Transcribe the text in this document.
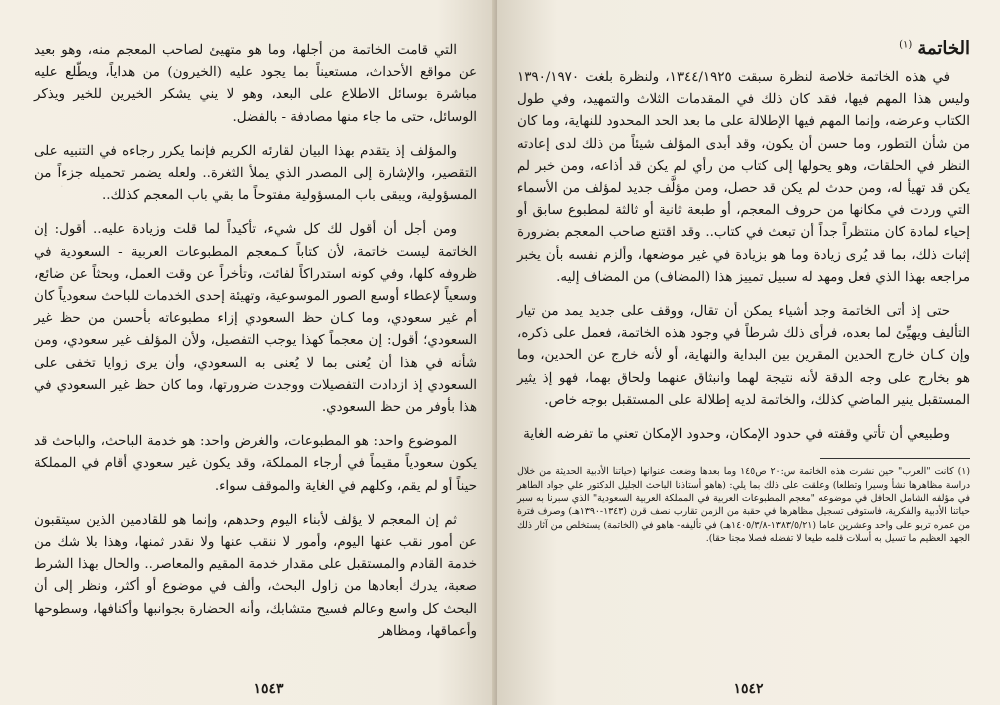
·

التي قامت الخاتمة من أجلها، وما هو متهيئ لصاحب المعجم منه، وهو بعيد عن مواقع الأحداث، مستعيناً بما يجود عليه (الخيرون) من هداياً، ويطّلع عليه مباشرة بوسائل الاطلاع على البعد، وهو لا يني يشكر الخيرين للخير ويذكر الوسائل، حتى ما جاء منها مصادفة - بالفضل.

والمؤلف إذ يتقدم بهذا البيان لقارئه الكريم فإنما يكرر رجاءه في التنبيه على التقصير، والإشارة إلى المصدر الذي يملأ الثغرة.. ولعله يضمر تحميله جزءاً من المسؤولية، ويبقى باب المسؤولية مفتوحاً ما بقي باب المعجم كذلك..

ومن أجل أن أقول لك كل شيء، تأكيداً لما قلت وزيادة عليه.. أقول: إن الخاتمة ليست خاتمة، لأن كتاباً كـمعجم المطبوعات العربية - السعودية في ظروفه كلها، وفي كونه استدراكاً لفائت، وتأخراً عن وقت العمل، وبحثاً عن ضائع، وسعياً لإعطاء أوسع الصور الموسوعية، وتهيئة إحدى الخدمات للباحث سعودياً كان أم غير سعودي، وما كـان حظ السعودي إزاء مطبوعاته بأحسن من حظ غير السعودي؛ أقول: إن معجماً كهذا يوجب التفصيل، ولأن المؤلف غير سعودي، ومن شأنه في هذا أن يُعنى بما لا يُعنى به السعودي، وأن يرى زوايا تخفى على السعودي إذ ازدادت التفصيلات ووجدت ضرورتها، وما كان حظ غير السعودي في هذا بأوفر من حظ السعودي.

الموضوع واحد: هو المطبوعات، والغرض واحد: هو خدمة الباحث، والباحث قد يكون سعودياً مقيماً في أرجاء المملكة، وقد يكون غير سعودي أقام في المملكة حيناً أو لم يقم، وكلهم في الغاية والموقف سواء.

ثم إن المعجم لا يؤلف لأبناء اليوم وحدهم، وإنما هو للقادمين الذين سيتقبون عن أمور نقب عنها اليوم، وأمور لا ننقب عنها ولا نقدر ثمنها، وهذا بلا شك من خدمة القادم والمستقبل على مقدار خدمة المقيم والمعاصر.. والحال بهذا الشرط صعبة، يدرك أبعادها من زاول البحث، وألف في موضوع أو أكثر، ونظر إلى أن البحث كل واسع وعالم فسيح متشابك، وأنه الحضارة بجوانبها وأكنافها، وسطوحها وأعماقها، ومظاهر

١٥٤٣
الخاتمة $^{(١)}$

في هذه الخاتمة خلاصة لنظرة سبقت ١٣٤٤/١٩٢٥، ولنظرة بلغت ١٣٩٠/١٩٧٠ وليس هذا المهم فيها، فقد كان ذلك في المقدمات الثلاث والتمهيد، وفي طول الكتاب وعرضه، وإنما المهم فيها الإطلالة على ما بعد الحد المحدود للنهاية، وما كان من شأن التطور، وما حسن أن يكون، وقد أبدى المؤلف شيئاً من ذلك لدى إعادته النظر في الحلقات، وهو يحولها إلى كتاب من رأي لم يكن قد أذاعه، ومن خبر لم يكن قد تهيأ له، ومن حدث لم يكن قد حصل، ومن مؤلَّف جديد لمؤلف من الأسماء التي وردت في مكانها من حروف المعجم، أو طبعة ثانية أو ثالثة لمطبوع سابق أو إحياء لمادة كان منتظراً جداً أن تبعث في كتاب.. وقد اقتنع صاحب المعجم بضرورة إثبات ذلك، بما قد يُرى زيادة وما هو بزيادة في غير موضعها، وألزم نفسه بأن يخبر مراجعه بهذا الذي فعل ومهد له سبيل تمييز هذا (المضاف) من المضاف إليه.

حتى إذ أتى الخاتمة وجد أشياء يمكن أن تقال، ووقف على جديد يمد من تيار التأليف ويهيِّئ لما بعده، فرأى ذلك شرطاً في وجود هذه الخاتمة، فعمل على ذكره، وإن كـان خارج الحدين المقرين بين البداية والنهاية، أو لأنه خارج عن الحدين، وما هو بخارج على وجه الدقة لأنه نتيجة لهما وانبثاق عنهما ولحاق بهما، فهو إذ يثير المستقبل ينير الماضي كذلك، والخاتمة لديه إطلالة على المستقبل بوجه خاص.

وطبيعي أن تأتي وقفته في حدود الإمكان، وحدود الإمكان تعني ما تفرضه الغاية

(١) كانت "العرب" حين نشرت هذه الخاتمة س:٢٠ ص١٤٥ وما بعدها وضعت عنوانها (حياتنا الأدبية الحديثة من خلال دراسة مظاهرها نشأ وسيرا وتطلعا) وعلقت على ذلك بما يلي: (هاهو أستاذنا الباحث الجليل الدكتور علي جواد الطاهر في مؤلفه الشامل الحافل في موضوعه "معجم المطبوعات العربية في المملكة العربية السعودية" الذي سبرنا به سبر حياتنا الأدبية والفكرية، فاستوفى تسجيل مظاهرها في حقبة من الزمن تقارب نصف قرن (١٣٤٣-١٣٩٠هـ) وصرف فترة من عمره تربو على واحد وعشرين عاما (١٣٨٣/٥/٢١-١٤٠٥/٣/٨هـ) في تأليفه- هاهو في (الخاتمة) يستخلص من آثار ذلك الجهد العظيم ما تسيل به أسلات قلمه طيعا لا تفضله فصلا مجنا حقا).

١٥٤٢
